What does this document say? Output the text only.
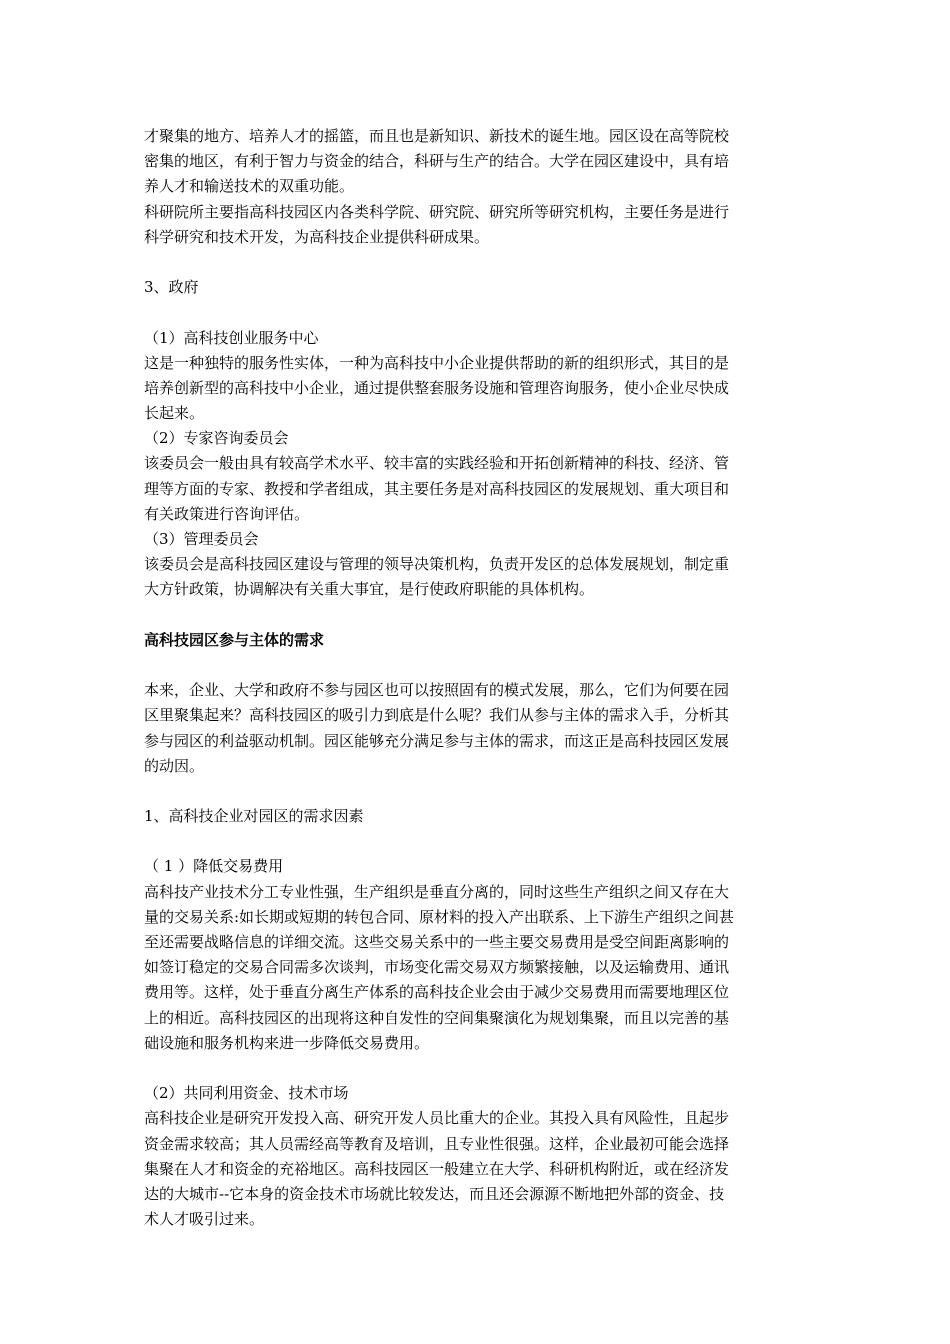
才聚集的地方、培养人才的摇篮，而且也是新知识、新技术的诞生地。园区设在高等院校
密集的地区，有利于智力与资金的结合，科研与生产的结合。大学在园区建设中，具有培
养人才和输送技术的双重功能。
科研院所主要指高科技园区内各类科学院、研究院、研究所等研究机构，主要任务是进行
科学研究和技术开发，为高科技企业提供科研成果。
3、政府
（1）高科技创业服务中心
这是一种独特的服务性实体，一种为高科技中小企业提供帮助的新的组织形式，其目的是
培养创新型的高科技中小企业，通过提供整套服务设施和管理咨询服务，使小企业尽快成
长起来。
（2）专家咨询委员会
该委员会一般由具有较高学术水平、较丰富的实践经验和开拓创新精神的科技、经济、管
理等方面的专家、教授和学者组成，其主要任务是对高科技园区的发展规划、重大项目和
有关政策进行咨询评估。
（3）管理委员会
该委员会是高科技园区建设与管理的领导决策机构，负责开发区的总体发展规划，制定重
大方针政策，协调解决有关重大事宜，是行使政府职能的具体机构。
高科技园区参与主体的需求
本来，企业、大学和政府不参与园区也可以按照固有的模式发展，那么，它们为何要在园
区里聚集起来？高科技园区的吸引力到底是什么呢？我们从参与主体的需求入手，分析其
参与园区的利益驱动机制。园区能够充分满足参与主体的需求，而这正是高科技园区发展
的动因。
1、高科技企业对园区的需求因素
（ 1 ）降低交易费用
高科技产业技术分工专业性强，生产组织是垂直分离的，同时这些生产组织之间又存在大
量的交易关系:如长期或短期的转包合同、原材料的投入产出联系、上下游生产组织之间甚
至还需要战略信息的详细交流。这些交易关系中的一些主要交易费用是受空间距离影响的
如签订稳定的交易合同需多次谈判，市场变化需交易双方频繁接触，以及运输费用、通讯
费用等。这样，处于垂直分离生产体系的高科技企业会由于减少交易费用而需要地理区位
上的相近。高科技园区的出现将这种自发性的空间集聚演化为规划集聚，而且以完善的基
础设施和服务机构来进一步降低交易费用。
（2）共同利用资金、技术市场
高科技企业是研究开发投入高、研究开发人员比重大的企业。其投入具有风险性，且起步
资金需求较高；其人员需经高等教育及培训，且专业性很强。这样，企业最初可能会选择
集聚在人才和资金的充裕地区。高科技园区一般建立在大学、科研机构附近，或在经济发
达的大城市--它本身的资金技术市场就比较发达，而且还会源源不断地把外部的资金、技
术人才吸引过来。
